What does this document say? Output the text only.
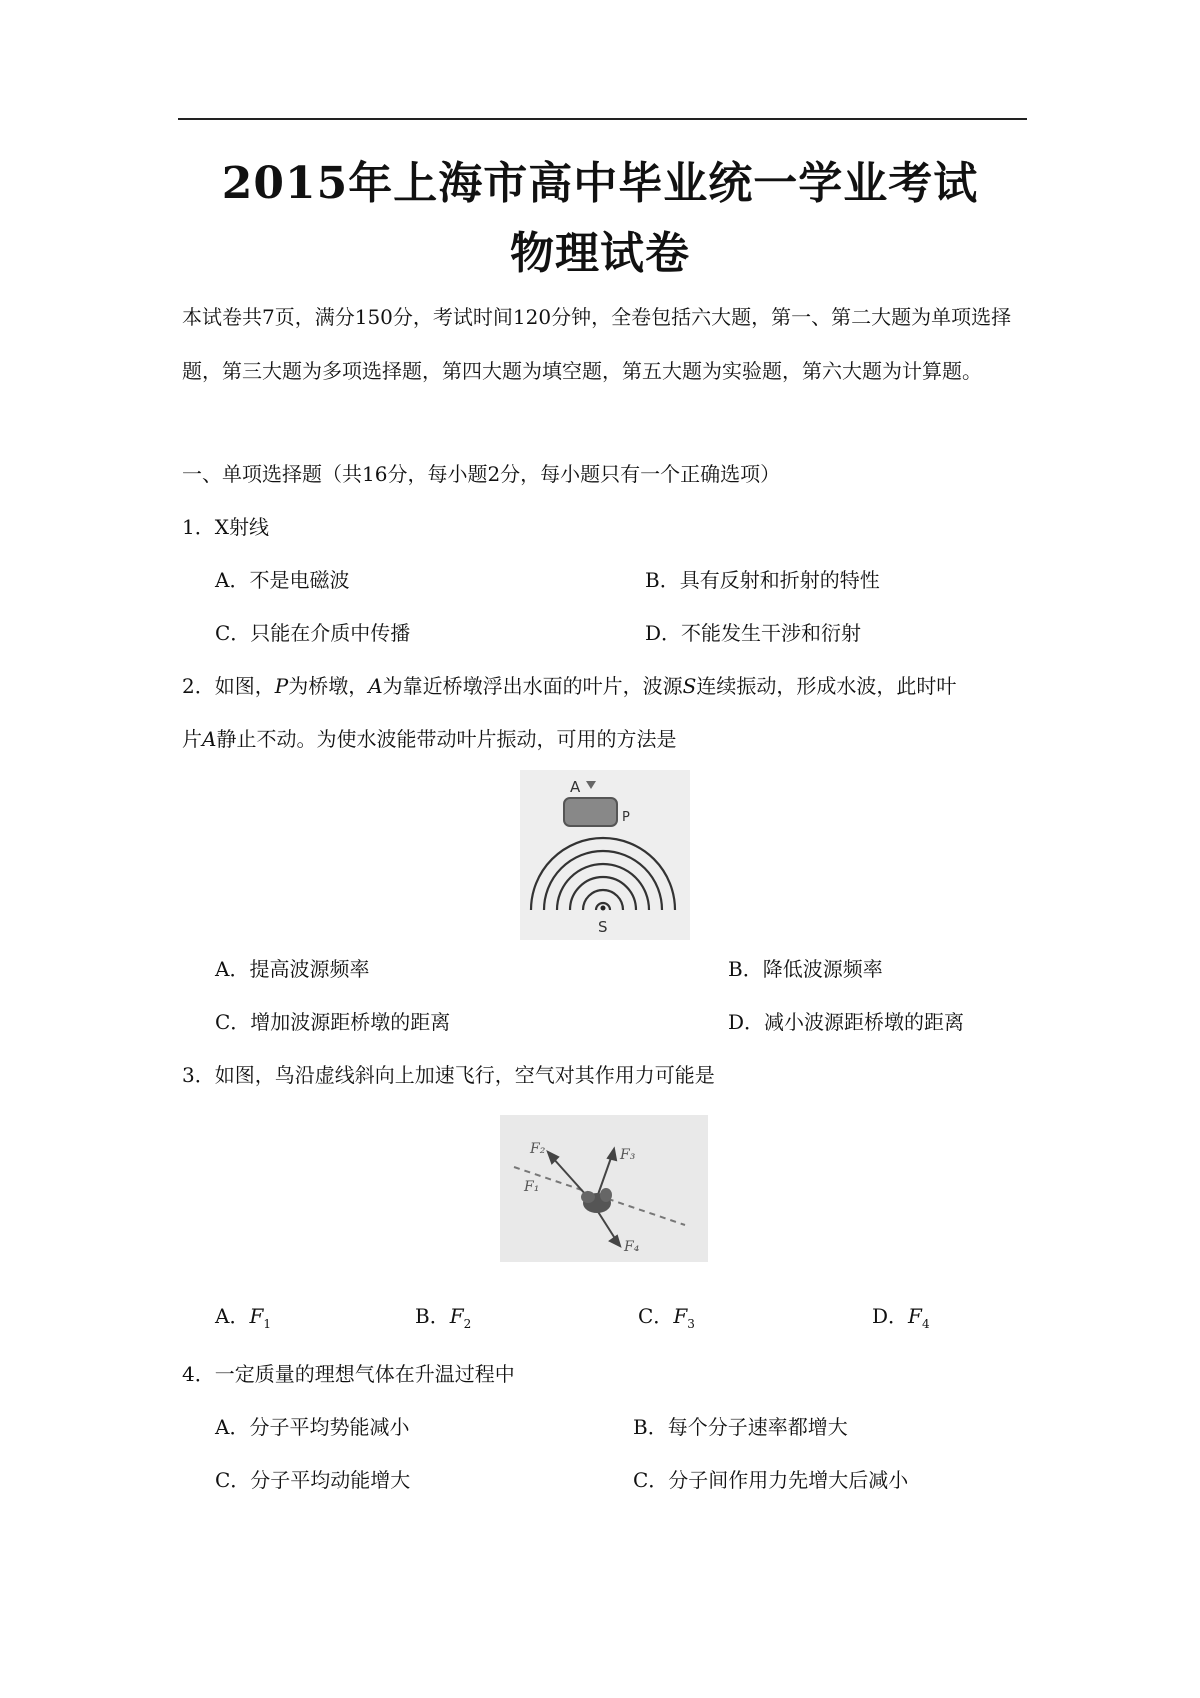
2015年上海市高中毕业统一学业考试
物理试卷
本试卷共7页，满分150分，考试时间120分钟，全卷包括六大题，第一、第二大题为单项选择题，第三大题为多项选择题，第四大题为填空题，第五大题为实验题，第六大题为计算题。
一、单项选择题（共16分，每小题2分，每小题只有一个正确选项）
1．X射线
A．不是电磁波	B．具有反射和折射的特性
C．只能在介质中传播	D．不能发生干涉和衍射
2．如图，P为桥墩，A为靠近桥墩浮出水面的叶片，波源S连续振动，形成水波，此时叶
片A静止不动。为使水波能带动叶片振动，可用的方法是
A
P
S
A．提高波源频率	B．降低波源频率
C．增加波源距桥墩的距离	D．减小波源距桥墩的距离
3．如图，鸟沿虚线斜向上加速飞行，空气对其作用力可能是
F₂	F₃
F₁
F₄
A．$F_1$	B．$F_2$	C．$F_3$	D．$F_4$
4．一定质量的理想气体在升温过程中
A．分子平均势能减小	B．每个分子速率都增大
C．分子平均动能增大	C．分子间作用力先增大后减小
